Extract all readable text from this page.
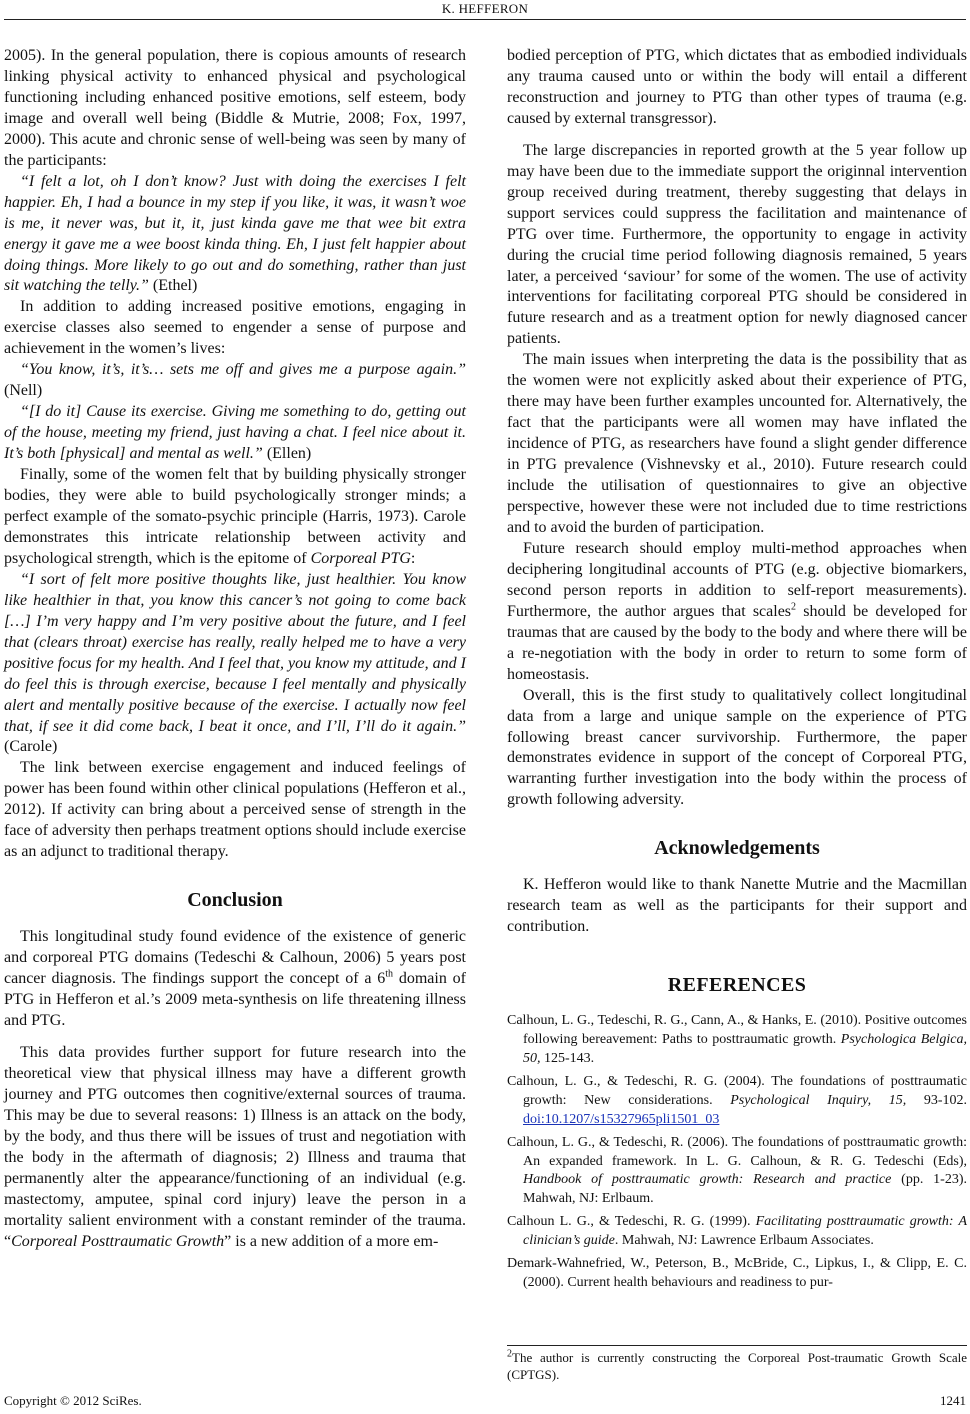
K. HEFFERON

2005). In the general population, there is copious amounts of research linking physical activity to enhanced physical and psychological functioning including enhanced positive emotions, self esteem, body image and overall well being (Biddle & Mutrie, 2008; Fox, 1997, 2000). This acute and chronic sense of well-being was seen by many of the participants:

“I felt a lot, oh I don’t know? Just with doing the exercises I felt happier. Eh, I had a bounce in my step if you like, it was, it wasn’t woe is me, it never was, but it, it, just kinda gave me that wee bit extra energy it gave me a wee boost kinda thing. Eh, I just felt happier about doing things. More likely to go out and do something, rather than just sit watching the telly.” (Ethel)

In addition to adding increased positive emotions, engaging in exercise classes also seemed to engender a sense of purpose and achievement in the women’s lives:

“You know, it’s, it’s… sets me off and gives me a purpose again.” (Nell)

“[I do it] Cause its exercise. Giving me something to do, getting out of the house, meeting my friend, just having a chat. I feel nice about it. It’s both [physical] and mental as well.” (Ellen)

Finally, some of the women felt that by building physically stronger bodies, they were able to build psychologically stronger minds; a perfect example of the somato-psychic principle (Harris, 1973). Carole demonstrates this intricate relationship between activity and psychological strength, which is the epitome of Corporeal PTG:

“I sort of felt more positive thoughts like, just healthier. You know like healthier in that, you know this cancer’s not going to come back […] I’m very happy and I’m very positive about the future, and I feel that (clears throat) exercise has really, really helped me to have a very positive focus for my health. And I feel that, you know my attitude, and I do feel this is through exercise, because I feel mentally and physically alert and mentally positive because of the exercise. I actually now feel that, if see it did come back, I beat it once, and I’ll, I’ll do it again.” (Carole)

The link between exercise engagement and induced feelings of power has been found within other clinical populations (Hefferon et al., 2012). If activity can bring about a perceived sense of strength in the face of adversity then perhaps treatment options should include exercise as an adjunct to traditional therapy.

Conclusion

This longitudinal study found evidence of the existence of generic and corporeal PTG domains (Tedeschi & Calhoun, 2006) 5 years post cancer diagnosis. The findings support the concept of a 6th domain of PTG in Hefferon et al.’s 2009 meta-synthesis on life threatening illness and PTG.

This data provides further support for future research into the theoretical view that physical illness may have a different growth journey and PTG outcomes then cognitive/external sources of trauma. This may be due to several reasons: 1) Illness is an attack on the body, by the body, and thus there will be issues of trust and negotiation with the body in the aftermath of diagnosis; 2) Illness and trauma that permanently alter the appearance/functioning of an individual (e.g. mastectomy, amputee, spinal cord injury) leave the person in a mortality salient environment with a constant reminder of the trauma. “Corporeal Posttraumatic Growth” is a new addition of a more em-

bodied perception of PTG, which dictates that as embodied individuals any trauma caused unto or within the body will entail a different reconstruction and journey to PTG than other types of trauma (e.g. caused by external transgressor).

The large discrepancies in reported growth at the 5 year follow up may have been due to the immediate support the originnal intervention group received during treatment, thereby suggesting that delays in support services could suppress the facilitation and maintenance of PTG over time. Furthermore, the opportunity to engage in activity during the crucial time period following diagnosis remained, 5 years later, a perceived ‘saviour’ for some of the women. The use of activity interventions for facilitating corporeal PTG should be considered in future research and as a treatment option for newly diagnosed cancer patients.

The main issues when interpreting the data is the possibility that as the women were not explicitly asked about their experience of PTG, there may have been further examples uncounted for. Alternatively, the fact that the participants were all women may have inflated the incidence of PTG, as researchers have found a slight gender difference in PTG prevalence (Vishnevsky et al., 2010). Future research could include the utilisation of questionnaires to give an objective perspective, however these were not included due to time restrictions and to avoid the burden of participation.

Future research should employ multi-method approaches when deciphering longitudinal accounts of PTG (e.g. objective biomarkers, second person reports in addition to self-report measurements). Furthermore, the author argues that scales$^2$ should be developed for traumas that are caused by the body to the body and where there will be a re-negotiation with the body in order to return to some form of homeostasis.

Overall, this is the first study to qualitatively collect longitudinal data from a large and unique sample on the experience of PTG following breast cancer survivorship. Furthermore, the paper demonstrates evidence in support of the concept of Corporeal PTG, warranting further investigation into the body within the process of growth following adversity.

Acknowledgements

K. Hefferon would like to thank Nanette Mutrie and the Macmillan research team as well as the participants for their support and contribution.

REFERENCES

Calhoun, L. G., Tedeschi, R. G., Cann, A., & Hanks, E. (2010). Positive outcomes following bereavement: Paths to posttraumatic growth. Psychologica Belgica, 50, 125-143.

Calhoun, L. G., & Tedeschi, R. G. (2004). The foundations of posttraumatic growth: New considerations. Psychological Inquiry, 15, 93-102. doi:10.1207/s15327965pli1501_03

Calhoun, L. G., & Tedeschi, R. (2006). The foundations of posttraumatic growth: An expanded framework. In L. G. Calhoun, & R. G. Tedeschi (Eds), Handbook of posttraumatic growth: Research and practice (pp. 1-23). Mahwah, NJ: Erlbaum.

Calhoun L. G., & Tedeschi, R. G. (1999). Facilitating posttraumatic growth: A clinician’s guide. Mahwah, NJ: Lawrence Erlbaum Associates.

Demark-Wahnefried, W., Peterson, B., McBride, C., Lipkus, I., & Clipp, E. C. (2000). Current health behaviours and readiness to pur-

$^2$The author is currently constructing the Corporeal Post-traumatic Growth Scale (CPTGS).
Copyright © 2012 SciRes.	1241
